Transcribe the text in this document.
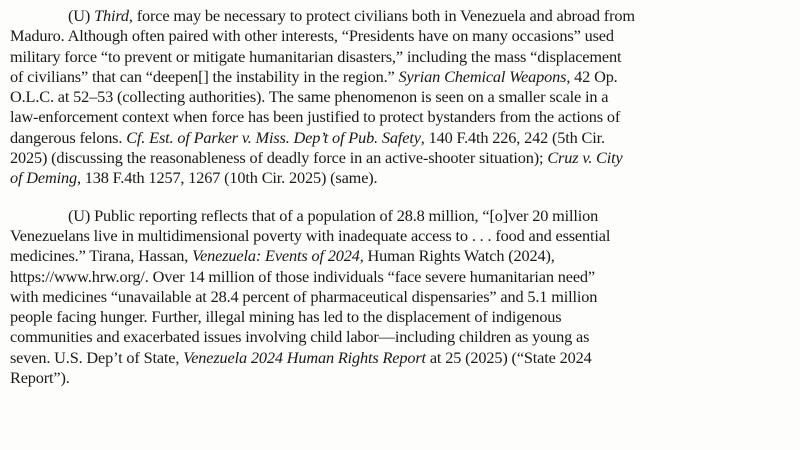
(U) Third, force may be necessary to protect civilians both in Venezuela and abroad from
Maduro. Although often paired with other interests, “Presidents have on many occasions” used
military force “to prevent or mitigate humanitarian disasters,” including the mass “displacement
of civilians” that can “deepen[] the instability in the region.” Syrian Chemical Weapons, 42 Op.
O.L.C. at 52–53 (collecting authorities). The same phenomenon is seen on a smaller scale in a
law-enforcement context when force has been justified to protect bystanders from the actions of
dangerous felons. Cf. Est. of Parker v. Miss. Dep’t of Pub. Safety, 140 F.4th 226, 242 (5th Cir.
2025) (discussing the reasonableness of deadly force in an active-shooter situation); Cruz v. City
of Deming, 138 F.4th 1257, 1267 (10th Cir. 2025) (same).

(U) Public reporting reflects that of a population of 28.8 million, “[o]ver 20 million
Venezuelans live in multidimensional poverty with inadequate access to . . . food and essential
medicines.” Tirana, Hassan, Venezuela: Events of 2024, Human Rights Watch (2024),
https://www.hrw.org/. Over 14 million of those individuals “face severe humanitarian need”
with medicines “unavailable at 28.4 percent of pharmaceutical dispensaries” and 5.1 million
people facing hunger. Further, illegal mining has led to the displacement of indigenous
communities and exacerbated issues involving child labor—including children as young as
seven. U.S. Dep’t of State, Venezuela 2024 Human Rights Report at 25 (2025) (“State 2024
Report”).
